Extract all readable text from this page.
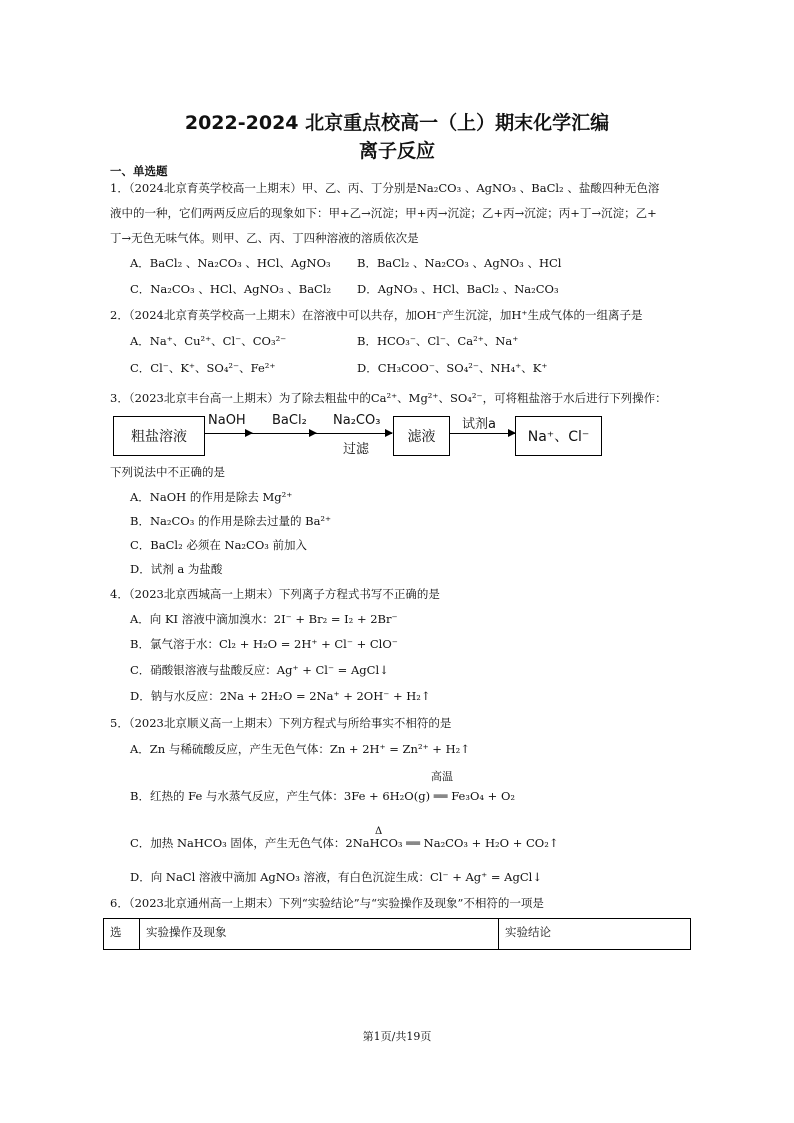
2022-2024 北京重点校高一（上）期末化学汇编
离子反应
一、单选题
1．（2024北京育英学校高一上期末）甲、乙、丙、丁分别是Na₂CO₃ 、AgNO₃ 、BaCl₂ 、盐酸四种无色溶
液中的一种，它们两两反应后的现象如下：甲+乙→沉淀；甲+丙→沉淀；乙+丙→沉淀；丙+丁→沉淀；乙+
丁→无色无味气体。则甲、乙、丙、丁四种溶液的溶质依次是
A．BaCl₂ 、Na₂CO₃ 、HCl、AgNO₃ B．BaCl₂ 、Na₂CO₃ 、AgNO₃ 、HCl
C．Na₂CO₃ 、HCl、AgNO₃ 、BaCl₂ D．AgNO₃ 、HCl、BaCl₂ 、Na₂CO₃
2．（2024北京育英学校高一上期末）在溶液中可以共存，加OH⁻产生沉淀，加H⁺生成气体的一组离子是
A．Na⁺、Cu²⁺、Cl⁻、CO₃²⁻	B．HCO₃⁻、Cl⁻、Ca²⁺、Na⁺
C．Cl⁻、K⁺、SO₄²⁻、Fe²⁺	D．CH₃COO⁻、SO₄²⁻、NH₄⁺、K⁺
3．（2023北京丰台高一上期末）为了除去粗盐中的Ca²⁺、Mg²⁺、SO₄²⁻，可将粗盐溶于水后进行下列操作：
粗盐溶液
NaOH BaCl₂ Na₂CO₃
过滤
滤液
试剂a
Na⁺、Cl⁻
下列说法中不正确的是
A．NaOH 的作用是除去 Mg²⁺
B．Na₂CO₃ 的作用是除去过量的 Ba²⁺
C．BaCl₂ 必须在 Na₂CO₃ 前加入
D．试剂 a 为盐酸
4．（2023北京西城高一上期末）下列离子方程式书写不正确的是
A．向 KI 溶液中滴加溴水：2I⁻ + Br₂ = I₂ + 2Br⁻
B．氯气溶于水：Cl₂ + H₂O = 2H⁺ + Cl⁻ + ClO⁻
C．硝酸银溶液与盐酸反应：Ag⁺ + Cl⁻ = AgCl↓
D．钠与水反应：2Na + 2H₂O = 2Na⁺ + 2OH⁻ + H₂↑
5．（2023北京顺义高一上期末）下列方程式与所给事实不相符的是
A．Zn 与稀硫酸反应，产生无色气体：Zn + 2H⁺ = Zn²⁺ + H₂↑
高温
B．红热的 Fe 与水蒸气反应，产生气体：3Fe + 6H₂O(g) ══ Fe₃O₄ + O₂
Δ
C．加热 NaHCO₃ 固体，产生无色气体：2NaHCO₃ ══ Na₂CO₃ + H₂O + CO₂↑
D．向 NaCl 溶液中滴加 AgNO₃ 溶液，有白色沉淀生成：Cl⁻ + Ag⁺ = AgCl↓
6．（2023北京通州高一上期末）下列“实验结论”与“实验操作及现象”不相符的一项是
选	实验操作及现象	实验结论
第1页/共19页
